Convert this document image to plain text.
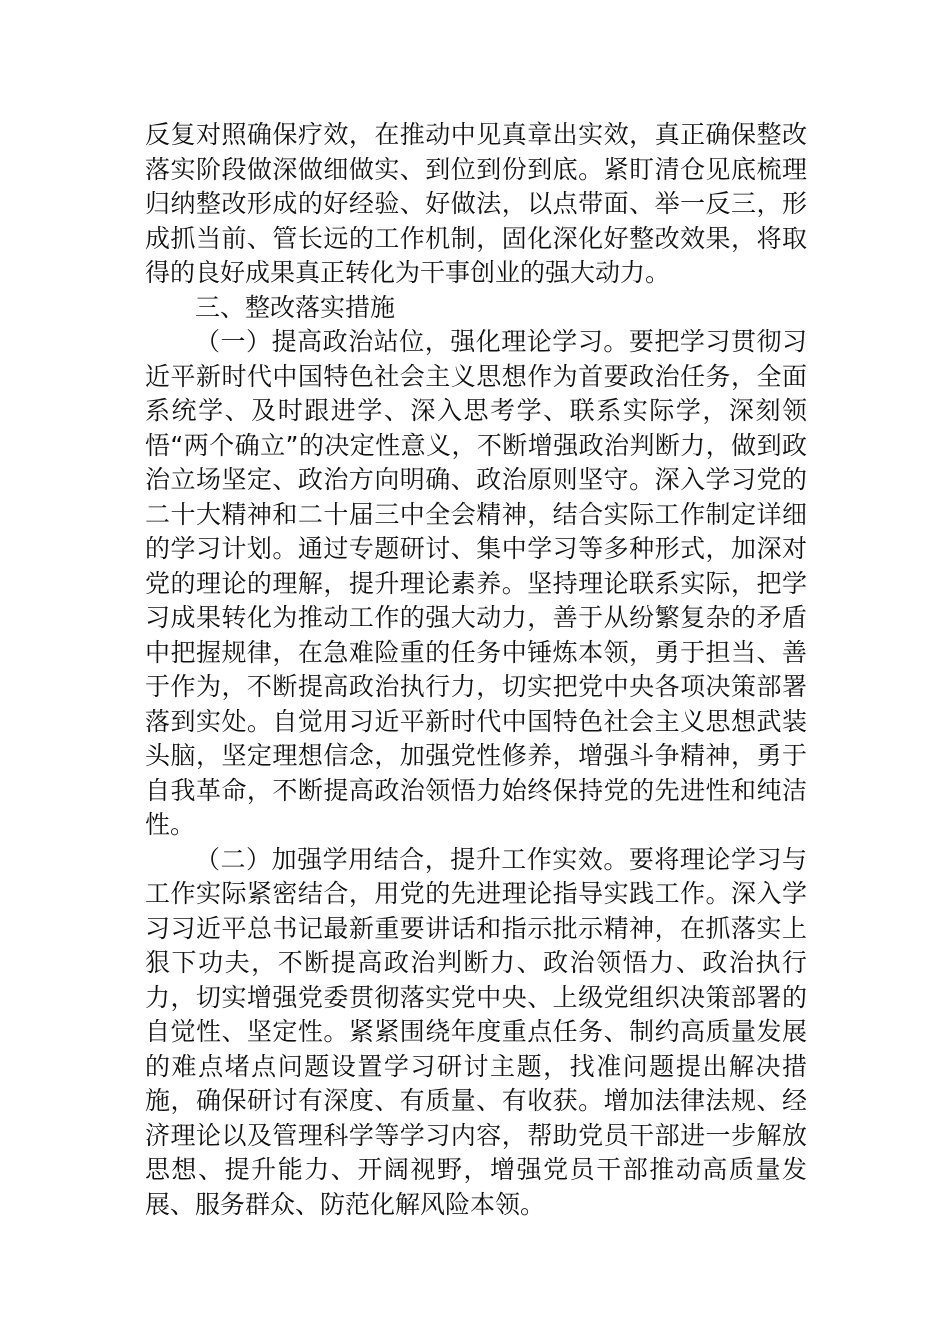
反复对照确保疗效，在推动中见真章出实效，真正确保整改落实阶段做深做细做实、到位到份到底。紧盯清仓见底梳理归纳整改形成的好经验、好做法，以点带面、举一反三，形成抓当前、管长远的工作机制，固化深化好整改效果，将取得的良好成果真正转化为干事创业的强大动力。

三、整改落实措施

（一）提高政治站位，强化理论学习。要把学习贯彻习近平新时代中国特色社会主义思想作为首要政治任务，全面系统学、及时跟进学、深入思考学、联系实际学，深刻领悟“两个确立”的决定性意义，不断增强政治判断力，做到政治立场坚定、政治方向明确、政治原则坚守。深入学习党的二十大精神和二十届三中全会精神，结合实际工作制定详细的学习计划。通过专题研讨、集中学习等多种形式，加深对党的理论的理解，提升理论素养。坚持理论联系实际，把学习成果转化为推动工作的强大动力，善于从纷繁复杂的矛盾中把握规律，在急难险重的任务中锤炼本领，勇于担当、善于作为，不断提高政治执行力，切实把党中央各项决策部署落到实处。自觉用习近平新时代中国特色社会主义思想武装头脑，坚定理想信念，加强党性修养，增强斗争精神，勇于自我革命，不断提高政治领悟力始终保持党的先进性和纯洁性。

（二）加强学用结合，提升工作实效。要将理论学习与工作实际紧密结合，用党的先进理论指导实践工作。深入学习习近平总书记最新重要讲话和指示批示精神，在抓落实上狠下功夫，不断提高政治判断力、政治领悟力、政治执行力，切实增强党委贯彻落实党中央、上级党组织决策部署的自觉性、坚定性。紧紧围绕年度重点任务、制约高质量发展的难点堵点问题设置学习研讨主题，找准问题提出解决措施，确保研讨有深度、有质量、有收获。增加法律法规、经济理论以及管理科学等学习内容，帮助党员干部进一步解放思想、提升能力、开阔视野，增强党员干部推动高质量发展、服务群众、防范化解风险本领。
